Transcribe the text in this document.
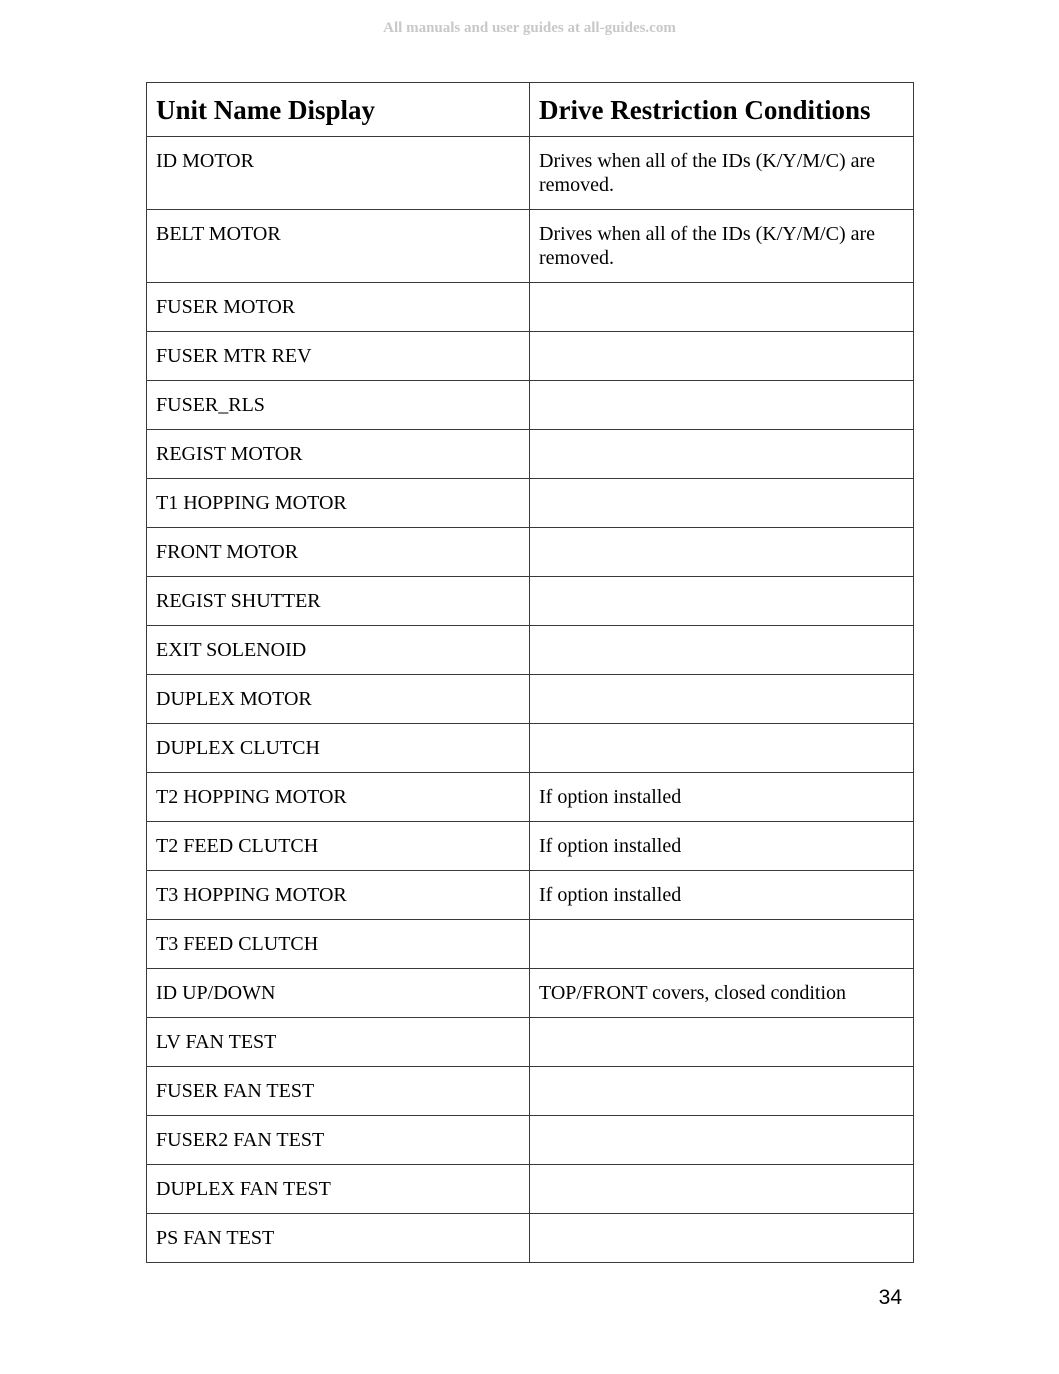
All manuals and user guides at all-guides.com
Unit Name Display	Drive Restriction Conditions
ID MOTOR	Drives when all of the IDs (K/Y/M/C) are removed.
BELT MOTOR	Drives when all of the IDs (K/Y/M/C) are removed.
FUSER MOTOR	
FUSER MTR REV	
FUSER_RLS	
REGIST MOTOR	
T1 HOPPING MOTOR	
FRONT MOTOR	
REGIST SHUTTER	
EXIT SOLENOID	
DUPLEX MOTOR	
DUPLEX CLUTCH	
T2 HOPPING MOTOR	If option installed
T2 FEED CLUTCH	If option installed
T3 HOPPING MOTOR	If option installed
T3 FEED CLUTCH	
ID UP/DOWN	TOP/FRONT covers, closed condition
LV FAN TEST	
FUSER FAN TEST	
FUSER2 FAN TEST	
DUPLEX FAN TEST	
PS FAN TEST	
34
